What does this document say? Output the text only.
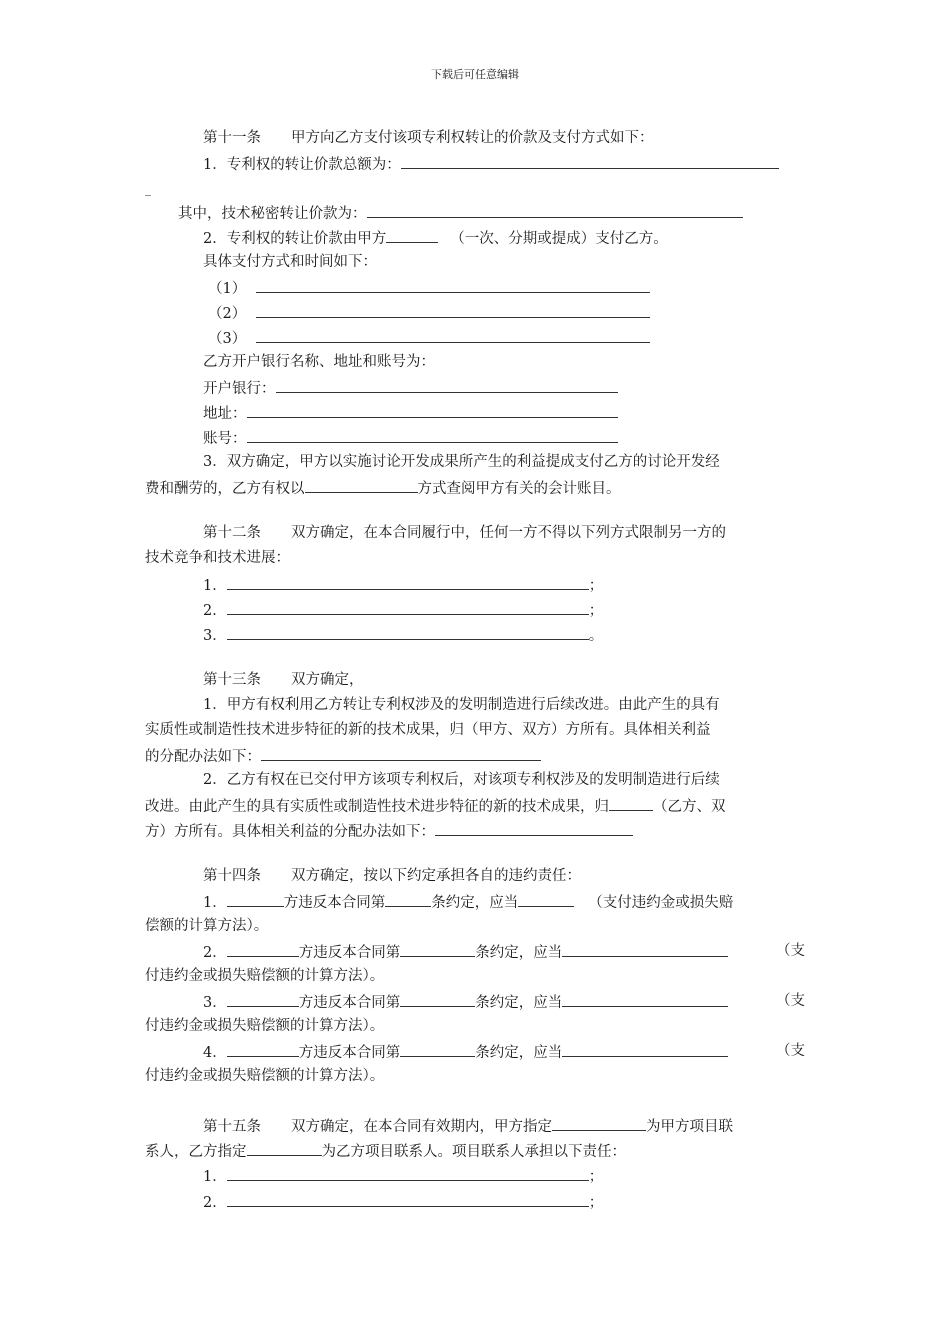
下载后可任意编辑
第十一条 甲方向乙方支付该项专利权转让的价款及支付方式如下：
1．专利权的转让价款总额为：
_
其中，技术秘密转让价款为：
2．专利权的转让价款由甲方	（一次、分期或提成）支付乙方。
具体支付方式和时间如下：
（1）
（2）
（3）
乙方开户银行名称、地址和账号为：
开户银行：
地址：
账号：
3．双方确定，甲方以实施讨论开发成果所产生的利益提成支付乙方的讨论开发经
费和酬劳的，乙方有权以	方式查阅甲方有关的会计账目。
第十二条 双方确定，在本合同履行中，任何一方不得以下列方式限制另一方的
技术竞争和技术进展：
1．	；
2．	；
3．	。
第十三条 双方确定，
1．甲方有权利用乙方转让专利权涉及的发明制造进行后续改进。由此产生的具有
实质性或制造性技术进步特征的新的技术成果，归（甲方、双方）方所有。具体相关利益
的分配办法如下：
2．乙方有权在已交付甲方该项专利权后，对该项专利权涉及的发明制造进行后续
改进。由此产生的具有实质性或制造性技术进步特征的新的技术成果，归	（乙方、双
方）方所有。具体相关利益的分配办法如下：
第十四条 双方确定，按以下约定承担各自的违约责任：
1．	方违反本合同第	条约定，应当	（支付违约金或损失赔
偿额的计算方法）。
2．	方违反本合同第	条约定，应当	（支
付违约金或损失赔偿额的计算方法）。
3．	方违反本合同第	条约定，应当	（支
付违约金或损失赔偿额的计算方法）。
4．	方违反本合同第	条约定，应当	（支
付违约金或损失赔偿额的计算方法）。
第十五条 双方确定，在本合同有效期内，甲方指定	为甲方项目联
系人，乙方指定	为乙方项目联系人。项目联系人承担以下责任：
1．	；
2．	；
